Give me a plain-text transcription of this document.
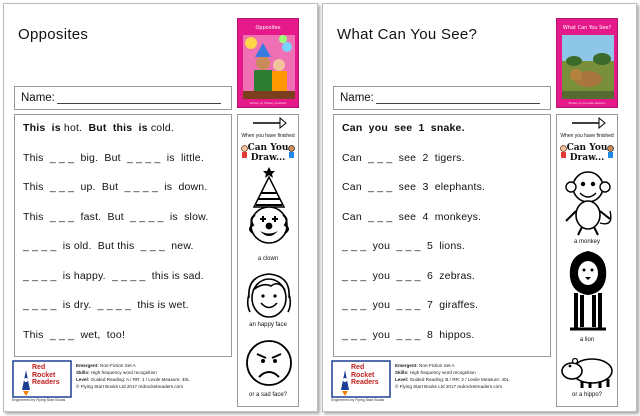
Opposites	Opposites
Written by Shelley Goddard
Name:
This is hot.  But this is cold.
This  _ _ _  big.  But  _ _ _ _  is  little.
This  _ _ _  up.  But  _ _ _ _  is  down.
This  _ _ _  fast.  But  _ _ _ _  is  slow.
_ _ _ _  is old.  But this  _ _ _  new.
_ _ _ _  is happy.  _ _ _ _  this is sad.
_ _ _ _  is dry.  _ _ _ _  this is wet.
This  _ _ _  wet,  too!
When you have finished
Can You Draw...
a clown
an happy face
or a sad face?
Red Rocket Readers
Engineered by Flying Start Books
Emergent: Non-Fiction Set A
Skills: High frequency word recognition
Level: Guided Reading: A / RR: 1 / Lexile Measure: 40L
© Flying Start Books Ltd 2017 redrocketreaders.com
What Can You See?	What Can You See?
Written by Amanda Jackson
Name:
Can  you  see  1  snake.
Can  _ _ _  see  2  tigers.
Can  _ _ _  see  3  elephants.
Can  _ _ _  see  4  monkeys.
_ _ _  you  _ _ _  5  lions.
_ _ _  you  _ _ _  6  zebras.
_ _ _  you  _ _ _  7  giraffes.
_ _ _  you  _ _ _  8  hippos.
When you have finished
Can You Draw...
a monkey
a lion
or a hippo?
Red Rocket Readers
Engineered by Flying Start Books
Emergent: Non-Fiction Set A
Skills: High frequency word recognition
Level: Guided Reading: B / RR: 2 / Lexile Measure: 40L
© Flying Start Books Ltd 2017 redrocketreaders.com
